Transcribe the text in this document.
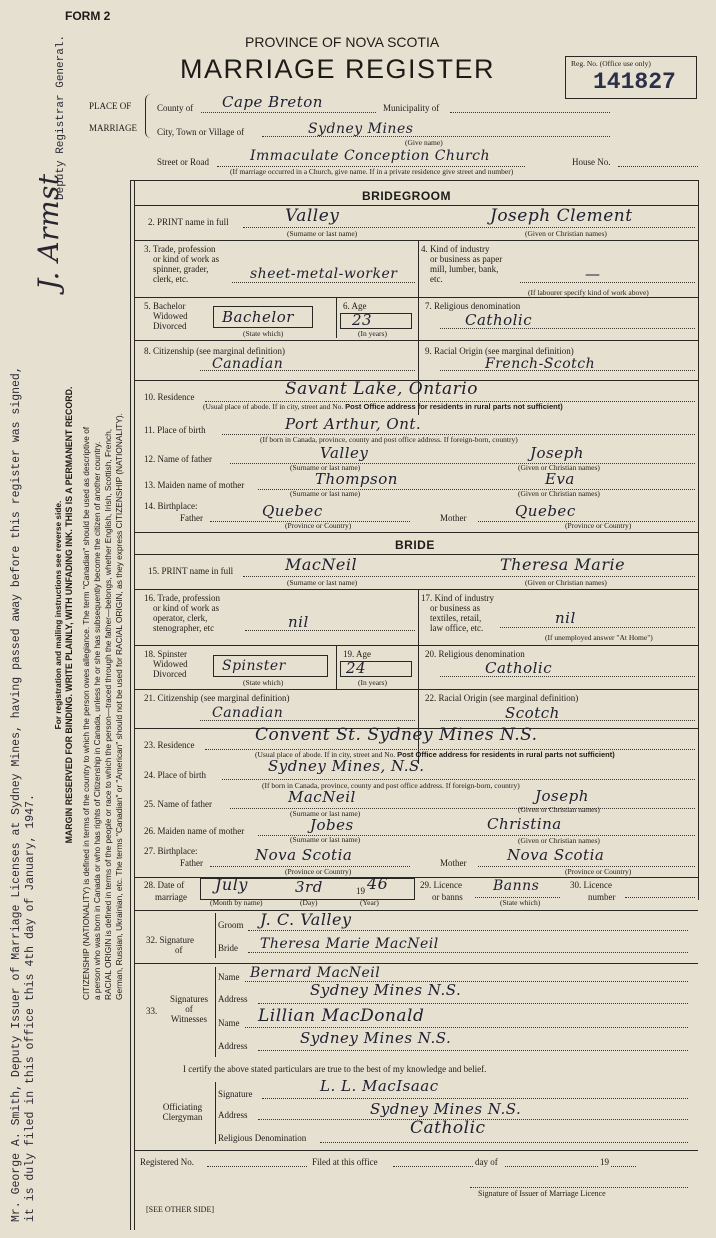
Mr. George A. Smith, Deputy Issuer of Marriage Licenses at Sydney Mines, having passed away before this register was signed, it is duly filed in this office this 4th day of January, 1947.
J. Armst
Deputy Registrar General.
For registration and mailing instructions see reverse side. MARGIN RESERVED FOR BINDING. WRITE PLAINLY, WITH UNFADING INK. THIS IS A PERMANENT RECORD. CITIZENSHIP (NATIONALITY) is defined in terms of the country to which the person owes allegiance. The term "Canadian" should be used as descriptive of a person who was born in Canada or who has rights of Citizenship in Canada, unless he or she has subsequently become the citizen of another country. RACIAL ORIGIN is defined in terms of the people or race to which the person—traced through the father—belongs, whether English, Irish, Scottish, French, German, Russian, Ukrainian, etc. The terms "Canadian" or "American" should not be used for RACIAL ORIGIN, as they express CITIZENSHIP (NATIONALITY).
FORM 2
PROVINCE OF NOVA SCOTIA
MARRIAGE REGISTER	Reg. No. (Office use only)
141827
PLACE OF
MARRIAGE
County of Cape Breton	Municipality of
City, Town or Village of	Sydney Mines
(Give name)
Street or Road	Immaculate Conception Church	House No.
(If marriage occurred in a Church, give name. If in a private residence give street and number)
BRIDEGROOM
2. PRINT name in full	Valley	Joseph Clement
(Surname or last name)	(Given or Christian names)
3. Trade, profession
or kind of work as
spinner, grader,
clerk, etc.	sheet-metal-worker
4. Kind of industry
or business as paper
mill, lumber, bank,
etc.	—
(If labourer specify kind of work above)
5. Bachelor
Widowed
Divorced Bachelor
(State which)
6. Age
23
(In years)
7. Religious denomination
Catholic
8. Citizenship (see marginal definition)
Canadian
9. Racial Origin (see marginal definition)
French-Scotch
10. Residence	Savant Lake, Ontario
(Usual place of abode. If in city, street and No. Post Office address for residents in rural parts not sufficient)
11. Place of birth	Port Arthur, Ont.
(If born in Canada, province, county and post office address. If foreign-born, country)
12. Name of father	Valley	Joseph
(Surname or last name)	(Given or Christian names)
13. Maiden name of mother	Thompson	Eva
(Surname or last name)	(Given or Christian names)
14. Birthplace:
Father	Quebec
(Province or Country)
Mother	Quebec
(Province or Country)
BRIDE
15. PRINT name in full	MacNeil	Theresa Marie
(Surname or last name)	(Given or Christian names)
16. Trade, profession
or kind of work as
operator, clerk,
stenographer, etc	nil
17. Kind of industry
or business as
textiles, retail,
law office, etc.
nil
(If unemployed answer "At Home")
18. Spinster
Widowed
Divorced	Spinster
(State which)
19. Age
24
(In years)
20. Religious denomination
Catholic
21. Citizenship (see marginal definition)
Canadian
22. Racial Origin (see marginal definition)
Scotch
23. Residence	Convent St. Sydney Mines N.S.
(Usual place of abode. If in city, street and No. Post Office address for residents in rural parts not sufficient)
24. Place of birth	Sydney Mines, N.S.
(If born in Canada, province, county and post office address. If foreign-born, country)
25. Name of father	MacNeil	Joseph
(Surname or last name)	(Given or Christian names)
26. Maiden name of mother	Jobes	Christina
(Surname or last name)	(Given or Christian names)
27. Birthplace:
Father	Nova Scotia
(Province or Country)
Mother	Nova Scotia
(Province or Country)
28. Date of
marriage
July	3rd	19 46
(Month by name)	(Day)	(Year)
29. Licence
or banns
Banns
(State which)
30. Licence
number
32. Signature
of
Groom J. C. Valley
Bride Theresa Marie MacNeil
33.
Signatures
of
Witnesses
Name Bernard MacNeil
Address	Sydney Mines N.S.
Name Lillian MacDonald
Address	Sydney Mines N.S.
I certify the above stated particulars are true to the best of my knowledge and belief.
Officiating
Clergyman
Signature	L. L. MacIsaac
Address	Sydney Mines N.S.
Religious Denomination	Catholic
Registered No.	Filed at this office	day of	19
Signature of Issuer of Marriage Licence
[SEE OTHER SIDE]
